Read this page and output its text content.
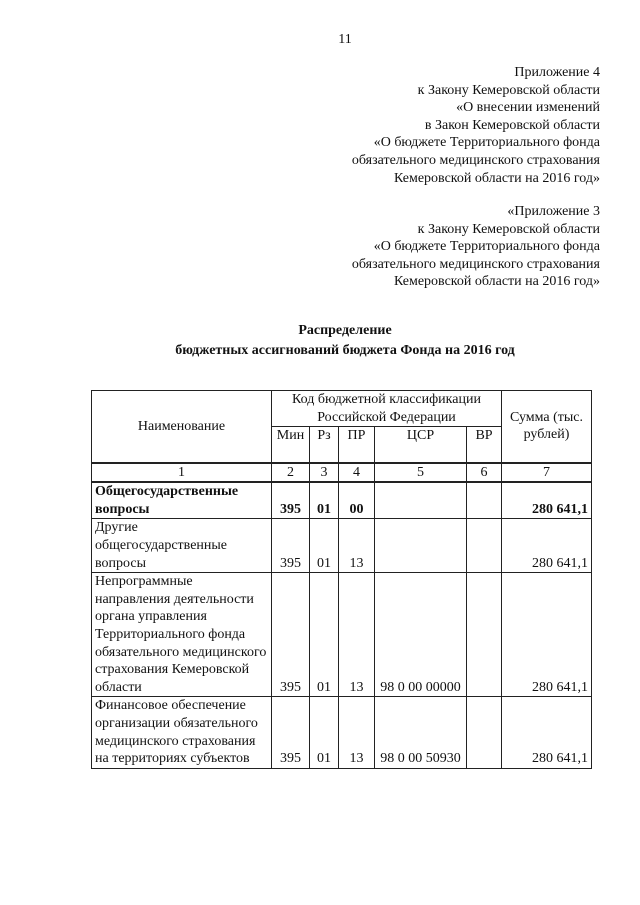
11
Приложение 4
к Закону Кемеровской области
«О внесении изменений
в Закон Кемеровской области
«О бюджете Территориального фонда
обязательного медицинского страхования
Кемеровской области на 2016 год»
«Приложение 3
к Закону Кемеровской области
«О бюджете Территориального фонда
обязательного медицинского страхования
Кемеровской области на 2016 год»
Распределение
бюджетных ассигнований бюджета Фонда на 2016 год
Наименование	Код бюджетной классификации Российской Федерации					Сумма (тыс. рублей)
	Мин	Рз	ПР	ЦСР	ВР	
1	2	3	4	5	6	7
Общегосударственные вопросы	395	01	00			280 641,1
Другие общегосударственные вопросы	395	01	13			280 641,1
Непрограммные направления деятельности органа управления Территориального фонда обязательного медицинского страхования Кемеровской области	395	01	13	98 0 00 00000		280 641,1
Финансовое обеспечение организации обязательного медицинского страхования на территориях субъектов	395	01	13	98 0 00 50930		280 641,1
